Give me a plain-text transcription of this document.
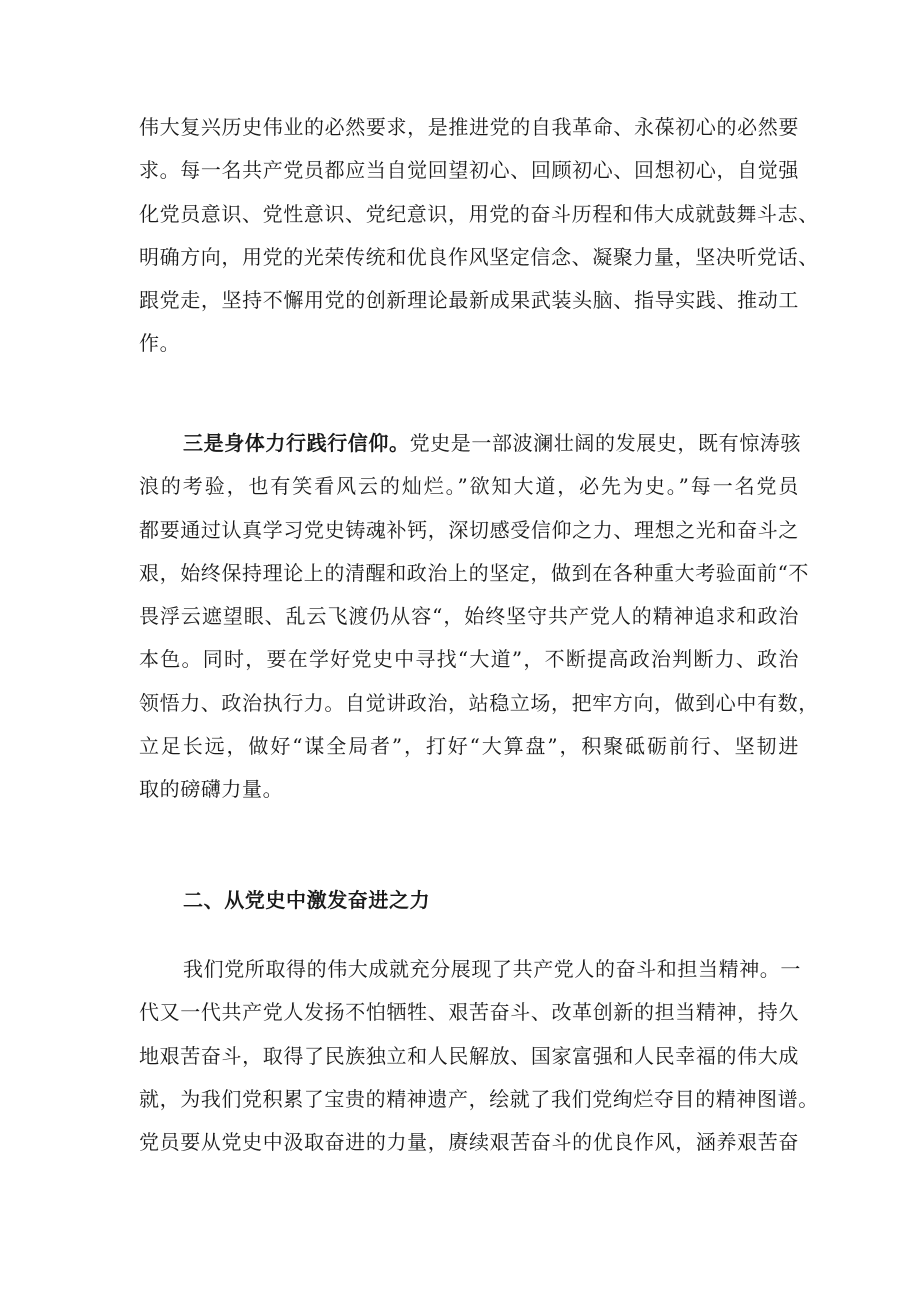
伟大复兴历史伟业的必然要求，是推进党的自我革命、永葆初心的必然要
求。每一名共产党员都应当自觉回望初心、回顾初心、回想初心，自觉强
化党员意识、党性意识、党纪意识，用党的奋斗历程和伟大成就鼓舞斗志、
明确方向，用党的光荣传统和优良作风坚定信念、凝聚力量，坚决听党话、
跟党走，坚持不懈用党的创新理论最新成果武装头脑、指导实践、推动工
作。
三是身体力行践行信仰。党史是一部波澜壮阔的发展史，既有惊涛骇
浪的考验，也有笑看风云的灿烂。”欲知大道，必先为史。”每一名党员
都要通过认真学习党史铸魂补钙，深切感受信仰之力、理想之光和奋斗之
艰，始终保持理论上的清醒和政治上的坚定，做到在各种重大考验面前“不
畏浮云遮望眼、乱云飞渡仍从容“，始终坚守共产党人的精神追求和政治
本色。同时，要在学好党史中寻找“大道”，不断提高政治判断力、政治
领悟力、政治执行力。自觉讲政治，站稳立场，把牢方向，做到心中有数，
立足长远，做好“谋全局者”，打好“大算盘”，积聚砥砺前行、坚韧进
取的磅礴力量。
二、从党史中激发奋进之力
我们党所取得的伟大成就充分展现了共产党人的奋斗和担当精神。一
代又一代共产党人发扬不怕牺牲、艰苦奋斗、改革创新的担当精神，持久
地艰苦奋斗，取得了民族独立和人民解放、国家富强和人民幸福的伟大成
就，为我们党积累了宝贵的精神遗产，绘就了我们党绚烂夺目的精神图谱。
党员要从党史中汲取奋进的力量，赓续艰苦奋斗的优良作风，涵养艰苦奋
